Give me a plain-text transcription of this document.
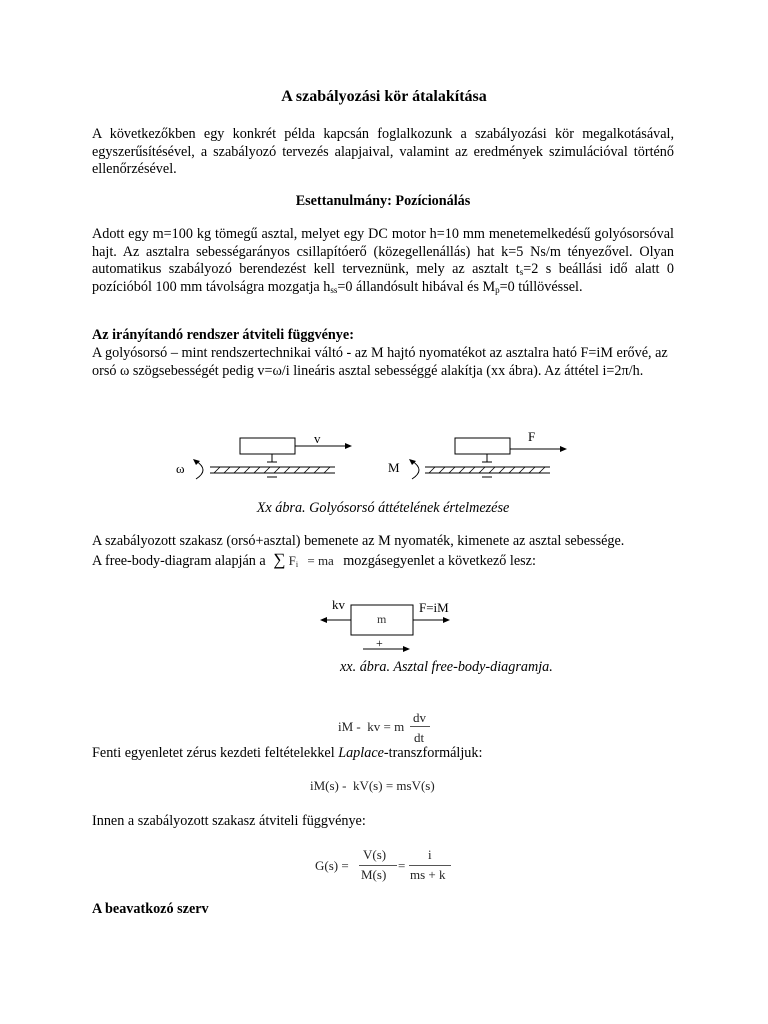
A szabályozási kör átalakítása
A következőkben egy konkrét példa kapcsán foglalkozunk a szabályozási kör megalkotásával, egyszerűsítésével, a szabályozó tervezés alapjaival, valamint az eredmények szimulációval történő ellenőrzésével.
Esettanulmány: Pozícionálás
Adott egy m=100 kg tömegű asztal, melyet egy DC motor h=10 mm menetemelkedésű golyósorsóval hajt. Az asztalra sebességarányos csillapítóerő (közegellenállás) hat k=5 Ns/m tényezővel. Olyan automatikus szabályozó berendezést kell terveznünk, mely az asztalt $t_s=2$ s beállási idő alatt 0 pozícióból 100 mm távolságra mozgatja $h_{ss}=0$ állandósult hibával és $M_p=0$ túllövéssel.
Az irányítandó rendszer átviteli függvénye:
A golyósorsó – mint rendszertechnikai váltó - az M hajtó nyomatékot az asztalra ható F=iM erővé, az orsó ω szögsebességét pedig v=ω/i lineáris asztal sebességgé alakítja (xx ábra). Az áttétel i=2π/h.
v
ω
F
M
Xx ábra. Golyósorsó áttételének értelmezése
A szabályozott szakasz (orsó+asztal) bemenete az M nyomaték, kimenete az asztal sebessége.
A free-body-diagram alapján a ∑ $F_i$ = ma mozgásegyenlet a következő lesz:
m
kv	F=iM
+
xx. ábra. Asztal free-body-diagramja.
iM -  kv = m
dv
dt
Fenti egyenletet zérus kezdeti feltételekkel Laplace-transzformáljuk:
iM(s) -  kV(s) = msV(s)
Innen a szabályozott szakasz átviteli függvénye:
G(s) =
V(s)
M(s)
=
i
ms + k
A beavatkozó szerv
